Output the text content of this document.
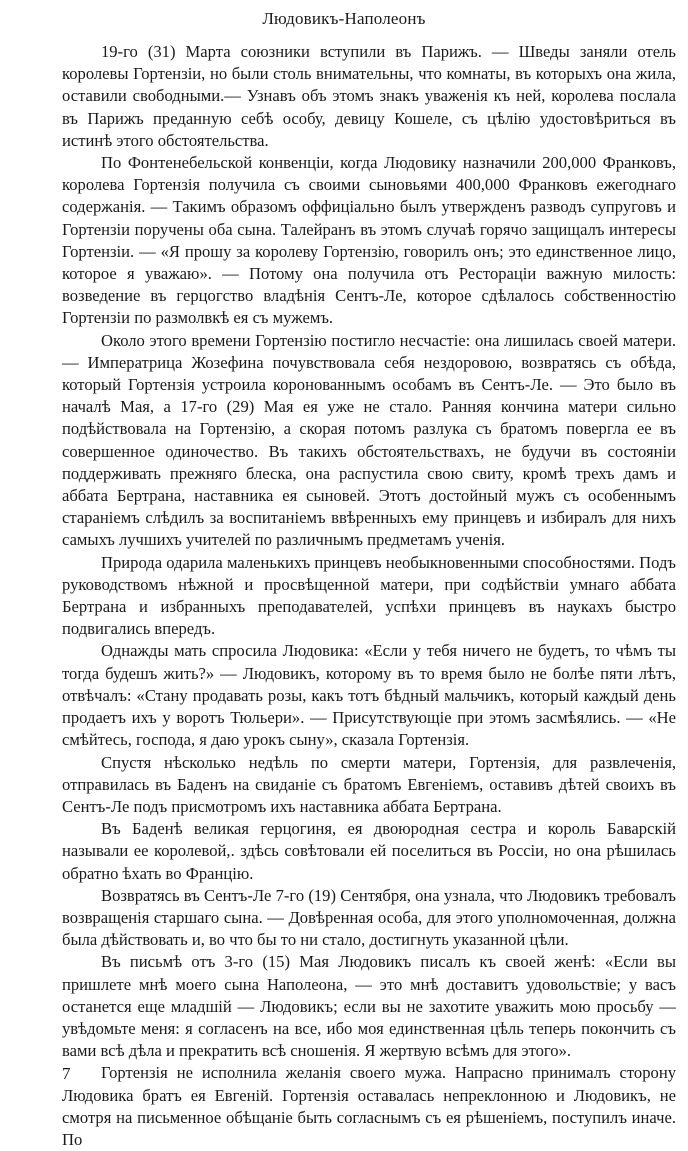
Людовикъ-Наполеонъ

19-го (31) Марта союзники вступили въ Парижъ. — Шведы заняли отель королевы Гортензіи, но были столь внимательны, что комнаты, въ которыхъ она жила, оставили свободными.— Узнавъ объ этомъ знакъ уваженія къ ней, королева послала въ Парижъ преданную себѣ особу, девицу Кошеле, съ цѣлію удостовѣриться въ истинѣ этого обстоятельства.

По Фонтенебельской конвенціи, когда Людовику назначили 200,000 Франковъ, королева Гортензія получила съ своими сыновьями 400,000 Франковъ ежегоднаго содержанія. — Такимъ образомъ оффиціально былъ утвержденъ разводъ супруговъ и Гортензіи поручены оба сына. Талейранъ въ этомъ случаѣ горячо защищалъ интересы Гортензіи. — «Я прошу за королеву Гортензію, говорилъ онъ; это единственное лицо, которое я уважаю». — Потому она получила отъ Ресторацiи важную милость: возведение въ герцогство владѣнія Сентъ-Ле, которое сдѣлалось собственностiю Гортензіи по размолвкѣ ея съ мужемъ.

Около этого времени Гортензію постигло несчастіе: она лишилась своей матери. — Императрица Жозефина почувствовала себя нездоровою, возвратясь съ обѣда, который Гортензія устроила коронованнымъ особамъ въ Сентъ-Ле. — Это было въ началѣ Мая, а 17-го (29) Мая ея уже не стало. Ранняя кончина матери сильно подѣйствовала на Гортензію, а скорая потомъ разлука съ братомъ повергла ее въ совершенное одиночество. Въ такихъ обстоятельствахъ, не будучи въ состояніи поддерживать прежняго блеска, она распустила свою свиту, кромѣ трехъ дамъ и аббата Бертрана, наставника ея сыновей. Этотъ достойный мужъ съ особеннымъ стараніемъ слѣдилъ за воспитаніемъ ввѣренныхъ ему принцевъ и избиралъ для нихъ самыхъ лучшихъ учителей по различнымъ предметамъ ученія.

Природа одарила маленькихъ принцевъ необыкновенными способностями. Подъ руководствомъ нѣжной и просвѣщенной матери, при содѣйствіи умнаго аббата Бертрана и избранныхъ преподавателей, успѣхи принцевъ въ наукахъ быстро подвигались впередъ.

Однажды мать спросила Людовика: «Если у тебя ничего не будетъ, то чѣмъ ты тогда будешъ жить?» — Людовикъ, которому въ то время было не болѣе пяти лѣтъ, отвѣчалъ: «Стану продавать розы, какъ тотъ бѣдный мальчикъ, который каждый день продаетъ ихъ у воротъ Тюльери». — Присутствующіе при этомъ засмѣялись. — «Не смѣйтесь, господа, я даю урокъ сыну», сказала Гортензія.

Спустя нѣсколько недѣль по смерти матери, Гортензія, для развлеченія, отправилась въ Баденъ на свиданіе съ братомъ Евгеніемъ, оставивъ дѣтей своихъ въ Сентъ-Ле подъ присмотромъ ихъ наставника аббата Бертрана.

Въ Баденѣ великая герцогиня, ея двоюродная сестра и король Баварскій называли ее королевой,. здѣсь совѣтовали ей поселиться въ Россіи, но она рѣшилась обратно ѣхать во Францію.

Возвратясь въ Сентъ-Ле 7-го (19) Сентября, она узнала, что Людовикъ требовалъ возвращенія старшаго сына. — Довѣренная особа, для этого уполномоченная, должна была дѣйствовать и, во что бы то ни стало, достигнуть указанной цѣли.

Въ письмѣ отъ 3-го (15) Мая Людовикъ писалъ къ своей женѣ: «Если вы пришлете мнѣ моего сына Наполеона, — это мнѣ доставитъ удовольствіе; у васъ останется еще младшій — Людовикъ; если вы не захотите уважить мою просьбу — увѣдомьте меня: я согласенъ на все, ибо моя единственная цѣль теперь покончить съ вами всѣ дѣла и прекратить всѣ сношенія. Я жертвую всѣмъ для этого».

Гортензія не исполнила желанія своего мужа. Напрасно принималъ сторону Людовика братъ ея Евгеній. Гортензія оставалась непреклонною и Людовикъ, не смотря на письменное обѣщаніе быть согласнымъ съ ея рѣшеніемъ, поступилъ иначе. По

7
